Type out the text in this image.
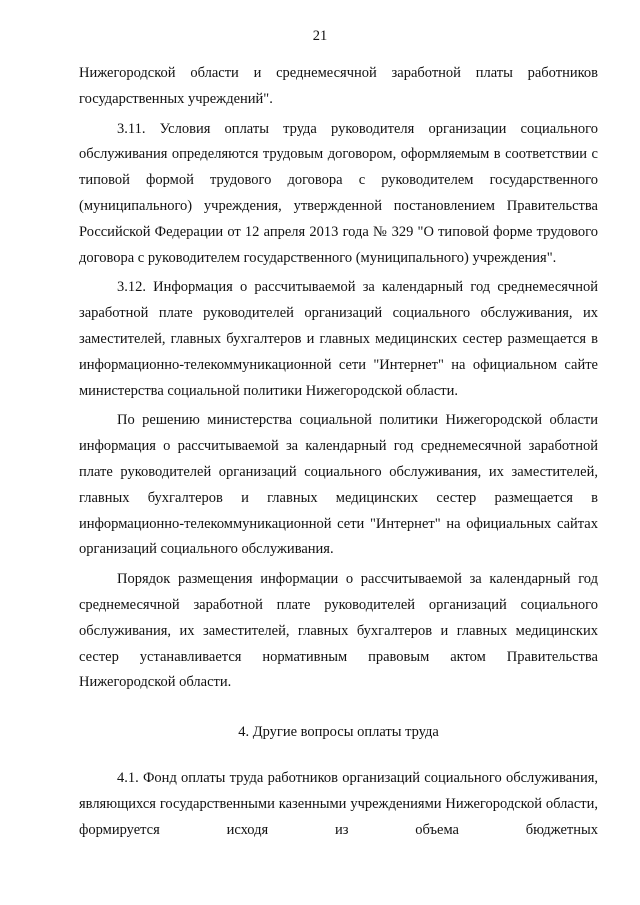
21

Нижегородской области и среднемесячной заработной платы работников государственных учреждений".

3.11. Условия оплаты труда руководителя организации социального обслуживания определяются трудовым договором, оформляемым в соответствии с типовой формой трудового договора с руководителем государственного (муниципального) учреждения, утвержденной постановлением Правительства Российской Федерации от 12 апреля 2013 года № 329 "О типовой форме трудового договора с руководителем государственного (муниципального) учреждения".

3.12. Информация о рассчитываемой за календарный год среднемесячной заработной плате руководителей организаций социального обслуживания, их заместителей, главных бухгалтеров и главных медицинских сестер размещается в информационно-телекоммуникационной сети "Интернет" на официальном сайте министерства социальной политики Нижегородской области.

По решению министерства социальной политики Нижегородской области информация о рассчитываемой за календарный год среднемесячной заработной плате руководителей организаций социального обслуживания, их заместителей, главных бухгалтеров и главных медицинских сестер размещается в информационно-телекоммуникационной сети "Интернет" на официальных сайтах организаций социального обслуживания.

Порядок размещения информации о рассчитываемой за календарный год среднемесячной заработной плате руководителей организаций социального обслуживания, их заместителей, главных бухгалтеров и главных медицинских сестер устанавливается нормативным правовым актом Правительства Нижегородской области.

4. Другие вопросы оплаты труда

4.1. Фонд оплаты труда работников организаций социального обслуживания, являющихся государственными казенными учреждениями Нижегородской области, формируется исходя из объема бюджетных
